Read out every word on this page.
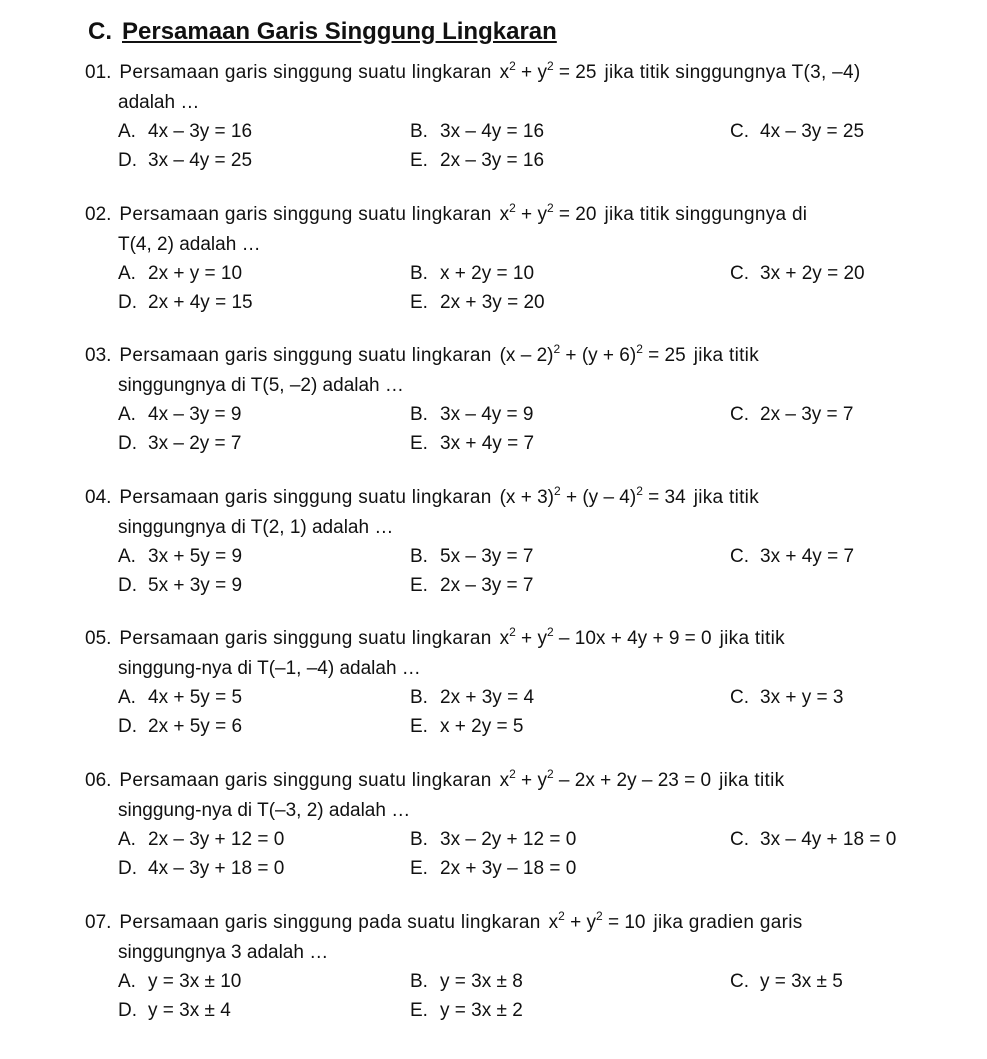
C. Persamaan Garis Singgung Lingkaran
01. Persamaan garis singgung suatu lingkaran $x^2 + y^2 = 25$ jika titik singgungnya T(3, –4)
adalah …
A. 4x – 3y = 16	B. 3x – 4y = 16	C. 4x – 3y = 25
D. 3x – 4y = 25	E. 2x – 3y = 16
02. Persamaan garis singgung suatu lingkaran $x^2 + y^2 = 20$ jika titik singgungnya di
T(4, 2) adalah …
A. 2x + y = 10	B. x + 2y = 10	C. 3x + 2y = 20
D. 2x + 4y = 15	E. 2x + 3y = 20
03. Persamaan garis singgung suatu lingkaran $(x - 2)^2 + (y + 6)^2 = 25$ jika titik
singgungnya di T(5, –2) adalah …
A. 4x – 3y = 9	B. 3x – 4y = 9	C. 2x – 3y = 7
D. 3x – 2y = 7	E. 3x + 4y = 7
04. Persamaan garis singgung suatu lingkaran $(x + 3)^2 + (y - 4)^2 = 34$ jika titik
singgungnya di T(2, 1) adalah …
A. 3x + 5y = 9	B. 5x – 3y = 7	C. 3x + 4y = 7
D. 5x + 3y = 9	E. 2x – 3y = 7
05. Persamaan garis singgung suatu lingkaran $x^2 + y^2 - 10x + 4y + 9 = 0$ jika titik
singgung-nya di T(–1, –4) adalah …
A. 4x + 5y = 5	B. 2x + 3y = 4	C. 3x + y = 3
D. 2x + 5y = 6	E. x + 2y = 5
06. Persamaan garis singgung suatu lingkaran $x^2 + y^2 - 2x + 2y - 23 = 0$ jika titik
singgung-nya di T(–3, 2) adalah …
A. 2x – 3y + 12 = 0	B. 3x – 2y + 12 = 0	C. 3x – 4y + 18 = 0
D. 4x – 3y + 18 = 0	E. 2x + 3y – 18 = 0
07. Persamaan garis singgung pada suatu lingkaran $x^2 + y^2 = 10$ jika gradien garis
singgungnya 3 adalah …
A. y = 3x ± 10	B. y = 3x ± 8	C. y = 3x ± 5
D. y = 3x ± 4	E. y = 3x ± 2
